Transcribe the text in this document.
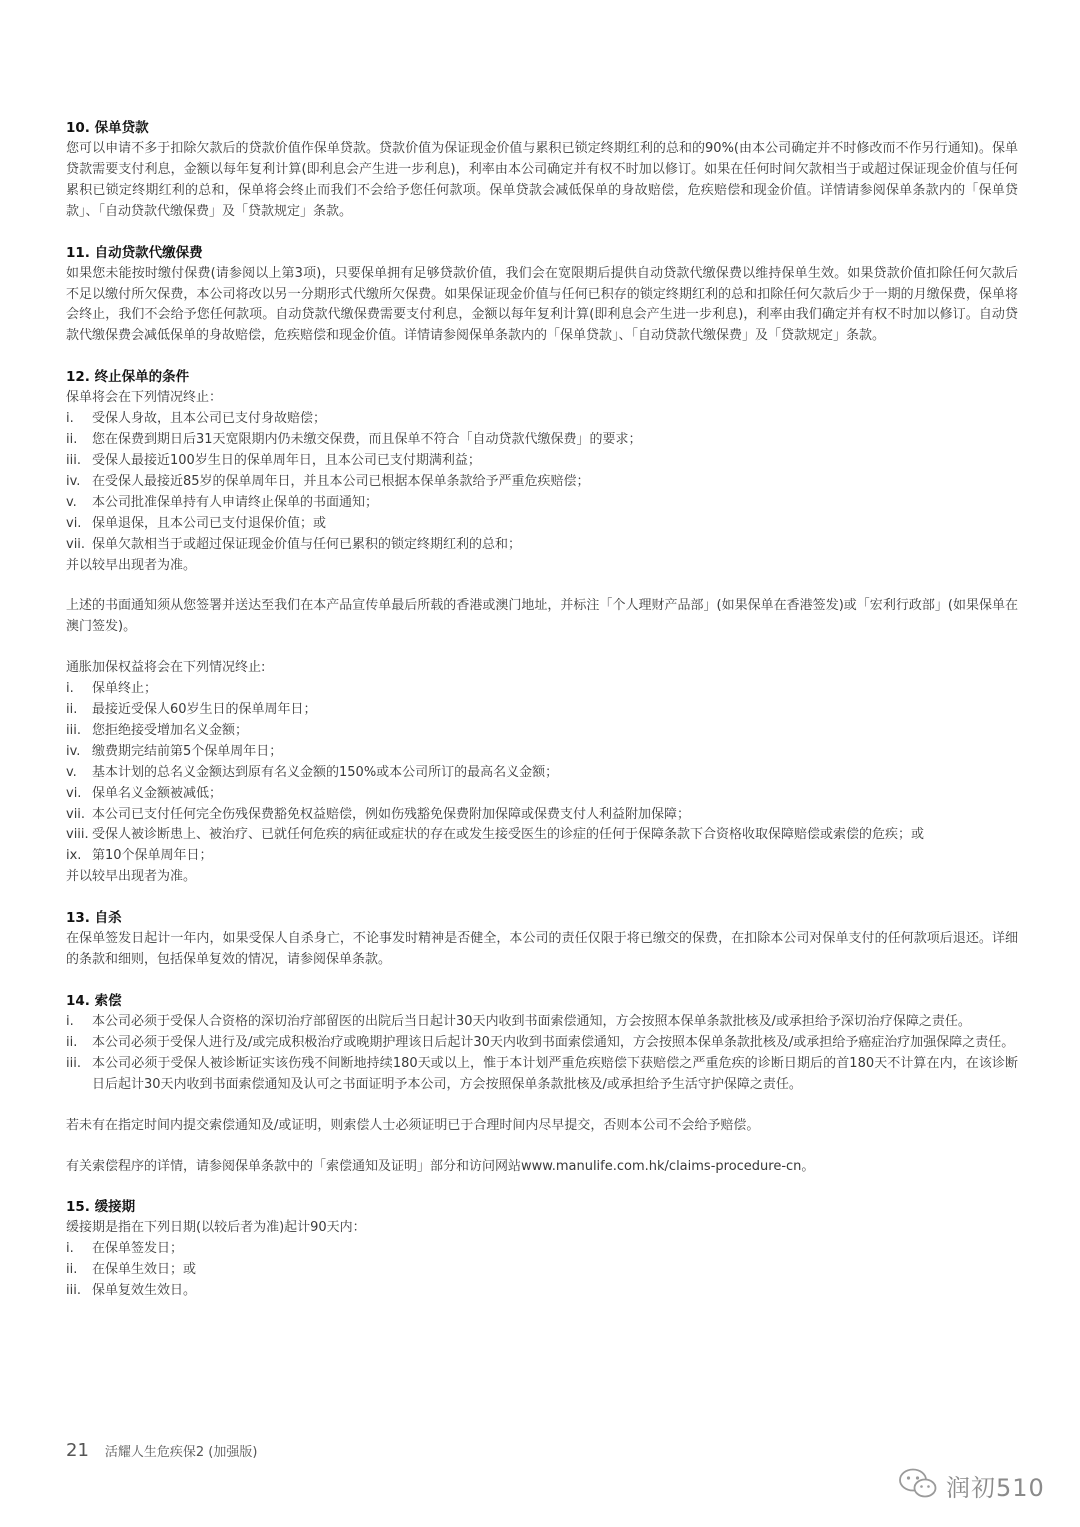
10. 保单贷款
您可以申请不多于扣除欠款后的贷款价值作保单贷款。贷款价值为保证现金价值与累积已锁定终期红利的总和的90%(由本公司确定并不时修改而不作另行通知)。保单贷款需要支付利息，金额以每年复利计算(即利息会产生进一步利息)，利率由本公司确定并有权不时加以修订。如果在任何时间欠款相当于或超过保证现金价值与任何累积已锁定终期红利的总和，保单将会终止而我们不会给予您任何款项。保单贷款会减低保单的身故赔偿，危疾赔偿和现金价值。详情请参阅保单条款内的「保单贷款」、「自动贷款代缴保费」及「贷款规定」条款。
11. 自动贷款代缴保费
如果您未能按时缴付保费(请参阅以上第3项)，只要保单拥有足够贷款价值，我们会在宽限期后提供自动贷款代缴保费以维持保单生效。如果贷款价值扣除任何欠款后不足以缴付所欠保费，本公司将改以另一分期形式代缴所欠保费。如果保证现金价值与任何已积存的锁定终期红利的总和扣除任何欠款后少于一期的月缴保费，保单将会终止，我们不会给予您任何款项。自动贷款代缴保费需要支付利息，金额以每年复利计算(即利息会产生进一步利息)，利率由我们确定并有权不时加以修订。自动贷款代缴保费会减低保单的身故赔偿，危疾赔偿和现金价值。详情请参阅保单条款内的「保单贷款」、「自动贷款代缴保费」及「贷款规定」条款。
12. 终止保单的条件
保单将会在下列情况终止：
i.	受保人身故，且本公司已支付身故赔偿；
ii.	您在保费到期日后31天宽限期内仍未缴交保费，而且保单不符合「自动贷款代缴保费」的要求；
iii. 受保人最接近100岁生日的保单周年日，且本公司已支付期满利益；
iv. 在受保人最接近85岁的保单周年日，并且本公司已根据本保单条款给予严重危疾赔偿；
v.	本公司批准保单持有人申请终止保单的书面通知；
vi. 保单退保，且本公司已支付退保价值；或
vii. 保单欠款相当于或超过保证现金价值与任何已累积的锁定终期红利的总和；
并以较早出现者为准。
上述的书面通知须从您签署并送达至我们在本产品宣传单最后所载的香港或澳门地址，并标注「个人理财产品部」(如果保单在香港签发)或「宏利行政部」(如果保单在澳门签发)。
通胀加保权益将会在下列情况终止:
i.	保单终止；
ii.	最接近受保人60岁生日的保单周年日；
iii. 您拒绝接受增加名义金额；
iv. 缴费期完结前第5个保单周年日；
v.	基本计划的总名义金额达到原有名义金额的150%或本公司所订的最高名义金额；
vi. 保单名义金额被减低；
vii. 本公司已支付任何完全伤残保费豁免权益赔偿，例如伤残豁免保费附加保障或保费支付人利益附加保障；
viii. 受保人被诊断患上、被治疗、已就任何危疾的病征或症状的存在或发生接受医生的诊症的任何于保障条款下合资格收取保障赔偿或索偿的危疾；或
ix. 第10个保单周年日；
并以较早出现者为准。
13. 自杀
在保单签发日起计一年内，如果受保人自杀身亡，不论事发时精神是否健全，本公司的责任仅限于将已缴交的保费，在扣除本公司对保单支付的任何款项后退还。详细的条款和细则，包括保单复效的情况，请参阅保单条款。
14. 索偿
i.	本公司必须于受保人合资格的深切治疗部留医的出院后当日起计30天内收到书面索偿通知，方会按照本保单条款批核及/或承担给予深切治疗保障之责任。
ii.	本公司必须于受保人进行及/或完成积极治疗或晚期护理该日后起计30天内收到书面索偿通知，方会按照本保单条款批核及/或承担给予癌症治疗加强保障之责任。
iii. 本公司必须于受保人被诊断证实该伤残不间断地持续180天或以上，惟于本计划严重危疾赔偿下获赔偿之严重危疾的诊断日期后的首180天不计算在内，在该诊断日后起计30天内收到书面索偿通知及认可之书面证明予本公司，方会按照保单条款批核及/或承担给予生活守护保障之责任。
若未有在指定时间内提交索偿通知及/或证明，则索偿人士必须证明已于合理时间内尽早提交，否则本公司不会给予赔偿。
有关索偿程序的详情，请参阅保单条款中的「索偿通知及证明」部分和访问网站www.manulife.com.hk/claims-procedure-cn。
15. 缓接期
缓接期是指在下列日期(以较后者为准)起计90天内：
i.	在保单签发日；
ii.	在保单生效日；或
iii. 保单复效生效日。
21 活耀人生危疾保2 (加强版)
润初510
